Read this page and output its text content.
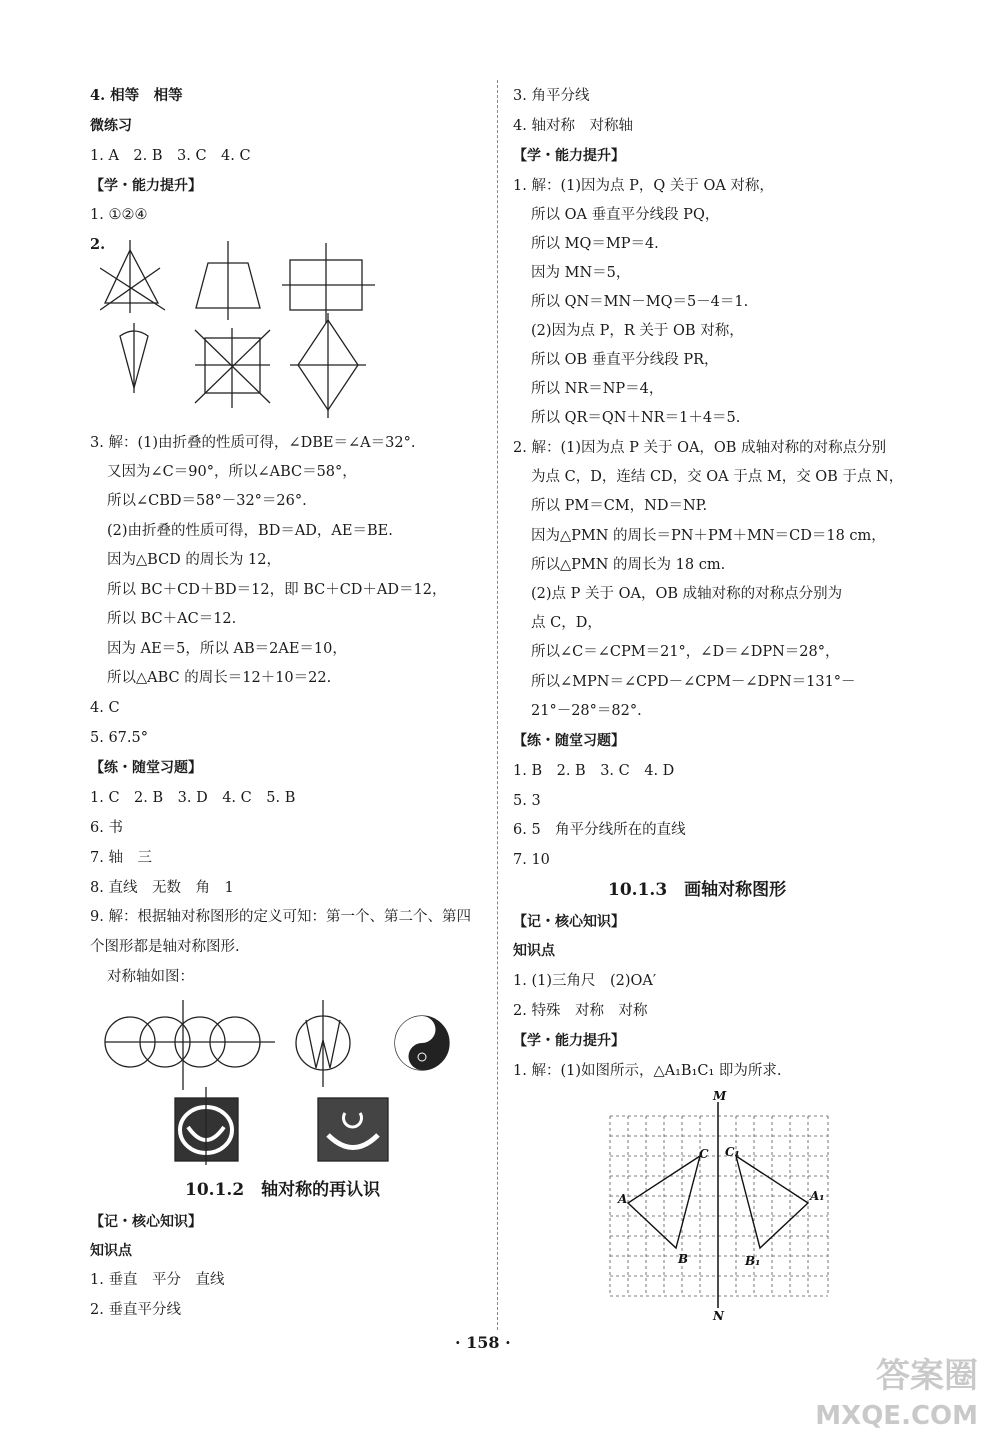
4. 相等　相等
微练习
1. A　2. B　3. C　4. C
【学・能力提升】
1. ①②④
2.
3. 解：(1)由折叠的性质可得，∠DBE＝∠A＝32°.
又因为∠C＝90°，所以∠ABC＝58°，
所以∠CBD＝58°－32°＝26°.
(2)由折叠的性质可得，BD＝AD，AE＝BE.
因为△BCD 的周长为 12，
所以 BC＋CD＋BD＝12，即 BC＋CD＋AD＝12，
所以 BC＋AC＝12.
因为 AE＝5，所以 AB＝2AE＝10，
所以△ABC 的周长＝12＋10＝22.
4. C
5. 67.5°
【练・随堂习题】
1. C　2. B　3. D　4. C　5. B
6. 书
7. 轴　三
8. 直线　无数　角　1
9. 解：根据轴对称图形的定义可知：第一个、第二个、第四
个图形都是轴对称图形.
对称轴如图：
10.1.2　轴对称的再认识
【记・核心知识】
知识点
1. 垂直　平分　直线
2. 垂直平分线
3. 角平分线
4. 轴对称　对称轴
【学・能力提升】
1. 解：(1)因为点 P，Q 关于 OA 对称，
所以 OA 垂直平分线段 PQ，
所以 MQ＝MP＝4.
因为 MN＝5，
所以 QN＝MN－MQ＝5－4＝1.
(2)因为点 P，R 关于 OB 对称，
所以 OB 垂直平分线段 PR，
所以 NR＝NP＝4，
所以 QR＝QN＋NR＝1＋4＝5.
2. 解：(1)因为点 P 关于 OA，OB 成轴对称的对称点分别
为点 C，D，连结 CD，交 OA 于点 M，交 OB 于点 N，
所以 PM＝CM，ND＝NP.
因为△PMN 的周长＝PN＋PM＋MN＝CD＝18 cm，
所以△PMN 的周长为 18 cm.
(2)点 P 关于 OA，OB 成轴对称的对称点分别为
点 C，D，
所以∠C＝∠CPM＝21°，∠D＝∠DPN＝28°，
所以∠MPN＝∠CPD－∠CPM－∠DPN＝131°－
21°－28°＝82°.
【练・随堂习题】
1. B　2. B　3. C　4. D
5. 3
6. 5　角平分线所在的直线
7. 10
10.1.3　画轴对称图形
【记・核心知识】
知识点
1. (1)三角尺　(2)OA′
2. 特殊　对称　对称
【学・能力提升】
1. 解：(1)如图所示，△A₁B₁C₁ 即为所求.
M
N
A
B
C
A₁
B₁
C₁
· 158 ·
答案圈
MXQE.COM
